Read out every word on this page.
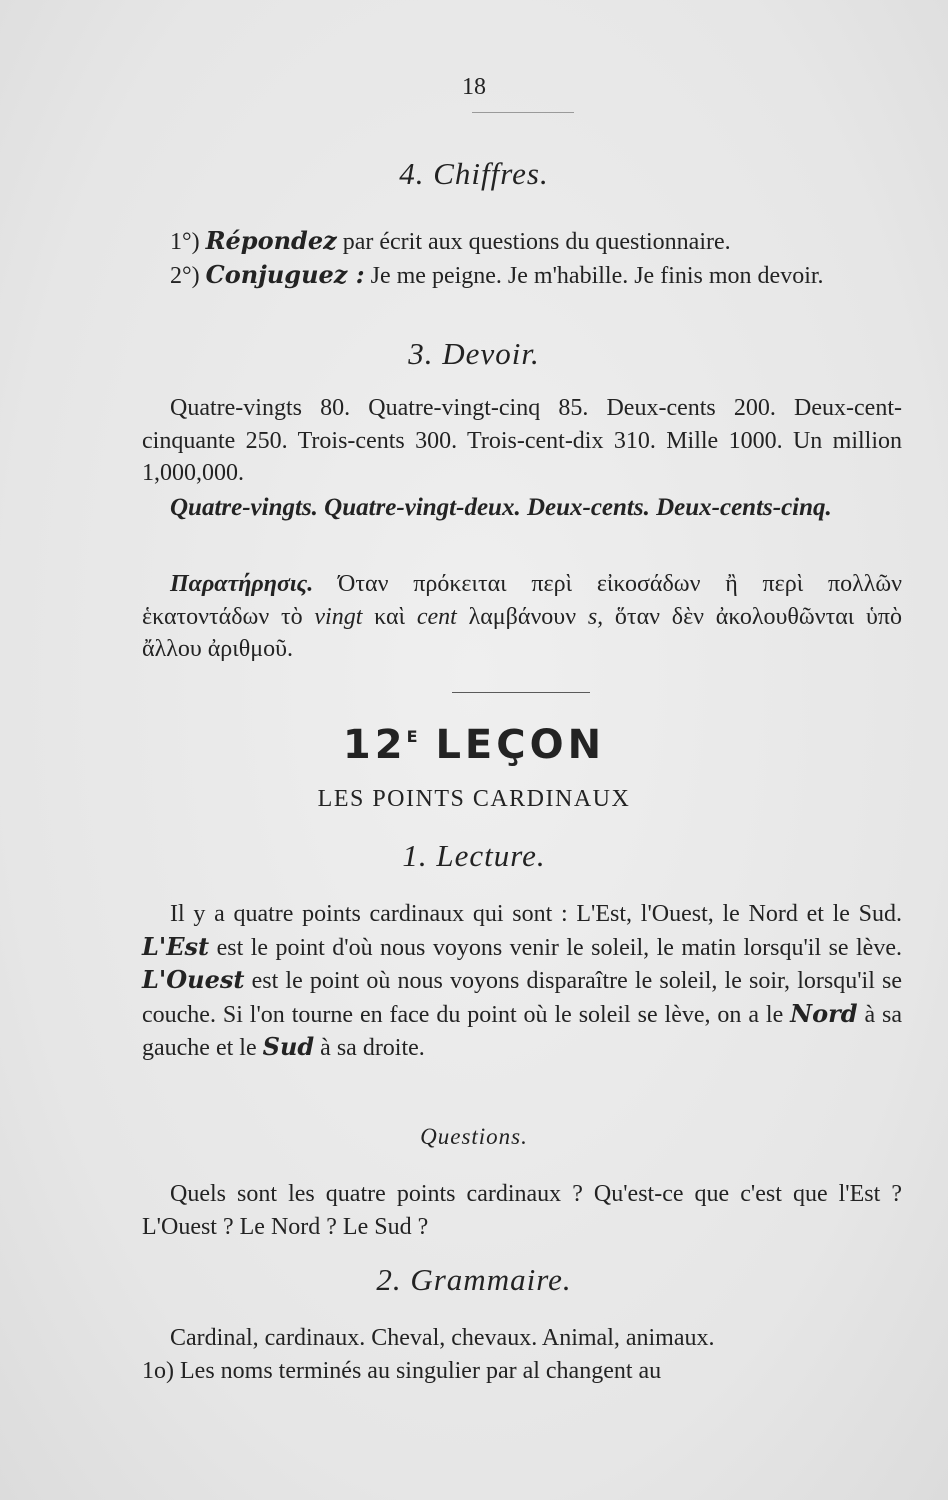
18
4. Chiffres.

1°) Répondez par écrit aux questions du questionnaire.
2°) Conjuguez : Je me peigne. Je m'habille. Je finis mon devoir.

3. Devoir.

Quatre-vingts 80. Quatre-vingt-cinq 85. Deux-cents 200. Deux-cent-cinquante 250. Trois-cents 300. Trois-cent-dix 310. Mille 1000. Un million 1,000,000.

Quatre-vingts. Quatre-vingt-deux. Deux-cents. Deux-cents-cinq.

Παρατήρησις. Όταν πρόκειται περὶ εἰκοσάδων ἢ περὶ πολλῶν ἑκατοντάδων τὸ vingt καὶ cent λαμβάνουν s, ὅταν δὲν ἀκολουθῶνται ὑπὸ ἄλλου ἀριθμοῦ.

$12^E$ LEÇON
LES POINTS CARDINAUX
1. Lecture.

Il y a quatre points cardinaux qui sont : L'Est, l'Ouest, le Nord et le Sud. L'Est est le point d'où nous voyons venir le soleil, le matin lorsqu'il se lève. L'Ouest est le point où nous voyons disparaître le soleil, le soir, lorsqu'il se couche. Si l'on tourne en face du point où le soleil se lève, on a le Nord à sa gauche et le Sud à sa droite.

Questions.

Quels sont les quatre points cardinaux ? Qu'est-ce que c'est que l'Est ? L'Ouest ? Le Nord ? Le Sud ?

2. Grammaire.

Cardinal, cardinaux. Cheval, chevaux. Animal, animaux.
1o) Les noms terminés au singulier par al changent au
